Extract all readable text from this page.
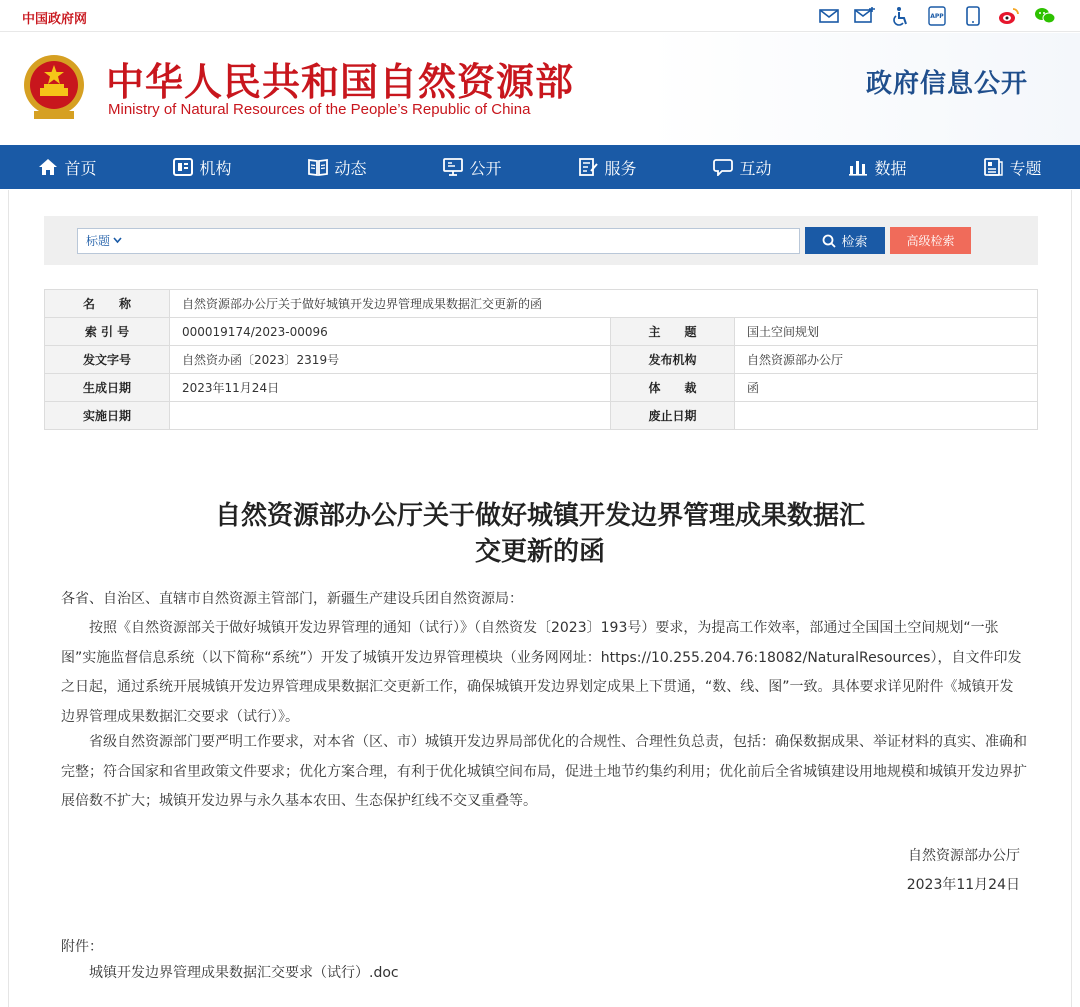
中国政府网	APP
中华人民共和国自然资源部
Ministry of Natural Resources of the People’s Republic of China
政府信息公开
首页	机构	动态	公开	服务	互动	数据	专题
标题	检索	高级检索
名　　称	自然资源部办公厅关于做好城镇开发边界管理成果数据汇交更新的函		
索 引 号	000019174/2023-00096	主　　题	国土空间规划
发文字号	自然资办函〔2023〕2319号	发布机构	自然资源部办公厅
生成日期	2023年11月24日	体　　裁	函
实施日期		废止日期	
自然资源部办公厅关于做好城镇开发边界管理成果数据汇
交更新的函
各省、自治区、直辖市自然资源主管部门，新疆生产建设兵团自然资源局：
按照《自然资源部关于做好城镇开发边界管理的通知（试行）》（自然资发〔2023〕193号）要求，为提高工作效率，部通过全国国土空间规划“一张图”实施监督信息系统（以下简称“系统”）开发了城镇开发边界管理模块（业务网网址：https://10.255.204.76:18082/NaturalResources），自文件印发之日起，通过系统开展城镇开发边界管理成果数据汇交更新工作，确保城镇开发边界划定成果上下贯通，“数、线、图”一致。具体要求详见附件《城镇开发边界管理成果数据汇交要求（试行）》。
省级自然资源部门要严明工作要求，对本省（区、市）城镇开发边界局部优化的合规性、合理性负总责，包括：确保数据成果、举证材料的真实、准确和完整；符合国家和省里政策文件要求；优化方案合理，有利于优化城镇空间布局，促进土地节约集约利用；优化前后全省城镇建设用地规模和城镇开发边界扩展倍数不扩大；城镇开发边界与永久基本农田、生态保护红线不交叉重叠等。
自然资源部办公厅
2023年11月24日
附件：
城镇开发边界管理成果数据汇交要求（试行）.doc
